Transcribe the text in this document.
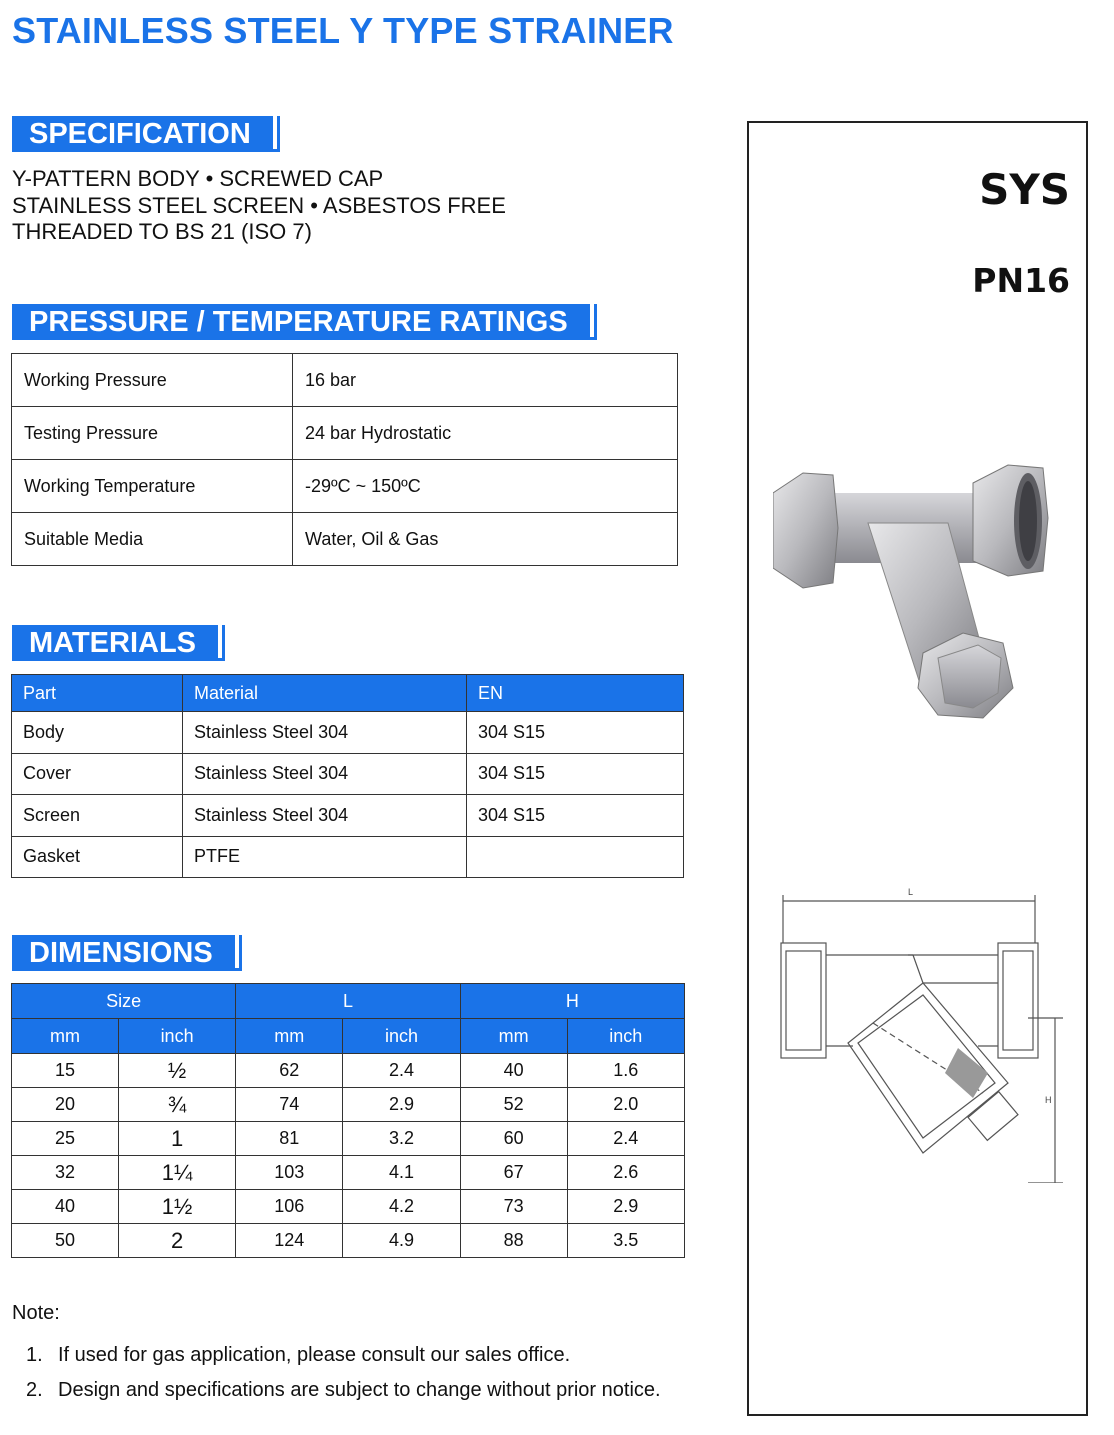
STAINLESS STEEL Y TYPE STRAINER
SPECIFICATION
Y-PATTERN BODY • SCREWED CAP
STAINLESS STEEL SCREEN • ASBESTOS FREE
THREADED TO BS 21 (ISO 7)
PRESSURE / TEMPERATURE RATINGS
Working Pressure	16 bar
Testing Pressure	24 bar Hydrostatic
Working Temperature	-29ºC ~ 150ºC
Suitable Media	Water, Oil & Gas
MATERIALS
Part	Material	EN
Body	Stainless Steel 304	304 S15
Cover	Stainless Steel 304	304 S15
Screen	Stainless Steel 304	304 S15
Gasket	PTFE	
DIMENSIONS
Size		L		H	
mm	inch	mm	inch	mm	inch
15	½	62	2.4	40	1.6
20	¾	74	2.9	52	2.0
25	1	81	3.2	60	2.4
32	1¼	103	4.1	67	2.6
40	1½	106	4.2	73	2.9
50	2	124	4.9	88	3.5
Note:
1. If used for gas application, please consult our sales office.
2. Design and specifications are subject to change without prior notice.
SYS
PN16
L
H
